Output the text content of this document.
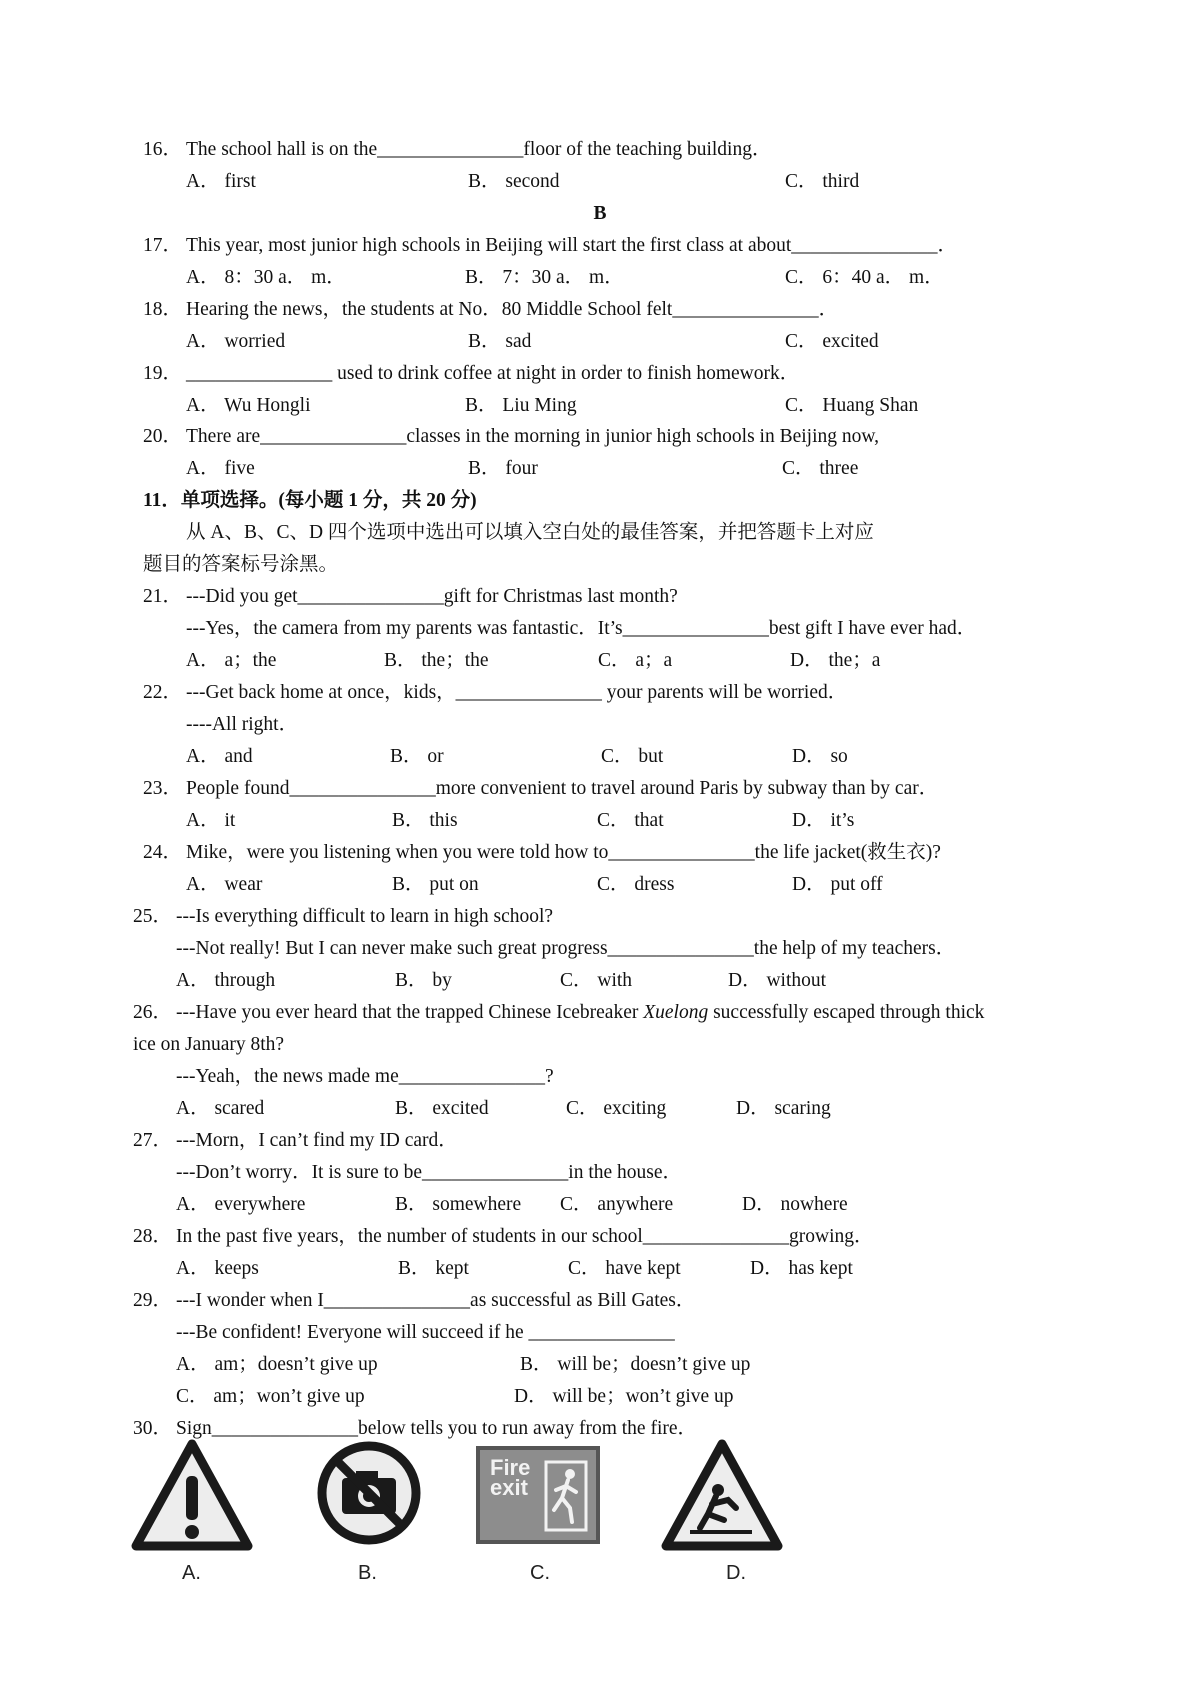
16． The school hall is on the_______________floor of the teaching building．
A． first	B． second	C． third
B
17． This year, most junior high schools in Beijing will start the first class at about_______________．
A． 8：30 a． m．	B． 7：30 a． m．	C． 6：40 a． m．
18． Hearing the news，the students at No．80 Middle School felt_______________．
A． worried	B． sad	C． excited
19． _______________ used to drink coffee at night in order to finish homework．
A． Wu Hongli	B． Liu Ming	C． Huang Shan
20． There are_______________classes in the morning in junior high schools in Beijing now,
A． five	B． four	C． three
11．单项选择。(每小题 1 分，共 20 分)
从 A、B、C、D 四个选项中选出可以填入空白处的最佳答案，并把答题卡上对应
题目的答案标号涂黑。
21． ---Did you get_______________gift for Christmas last month?
---Yes，the camera from my parents was fantastic．It’s_______________best gift I have ever had．
A． a；the	B． the；the	C． a；a	D． the；a
22． ---Get back home at once，kids，_______________ your parents will be worried．
----All right．
A． and	B． or	C． but	D． so
23． People found_______________more convenient to travel around Paris by subway than by car．
A． it	B． this	C． that	D． it’s
24． Mike，were you listening when you were told how to_______________the life jacket(救生衣)?
A． wear	B． put on	C． dress	D． put off
25． ---Is everything difficult to learn in high school?
---Not really! But I can never make such great progress_______________the help of my teachers．
A． through	B． by	C． with	D． without
26． ---Have you ever heard that the trapped Chinese Icebreaker Xuelong successfully escaped through thick
ice on January 8th?
---Yeah，the news made me_______________?
A． scared	B． excited	C． exciting	D． scaring
27． ---Morn，I can’t find my ID card．
---Don’t worry．It is sure to be_______________in the house．
A． everywhere	B． somewhere C． anywhere	D． nowhere
28． In the past five years，the number of students in our school_______________growing．
A． keeps	B． kept	C． have kept	D． has kept
29． ---I wonder when I_______________as successful as Bill Gates．
---Be confident! Everyone will succeed if he _______________
A． am；doesn’t give up	B． will be；doesn’t give up
C． am；won’t give up	D． will be；won’t give up
30． Sign_______________below tells you to run away from the fire．
Fire
exit
A.	B.	C.	D.
